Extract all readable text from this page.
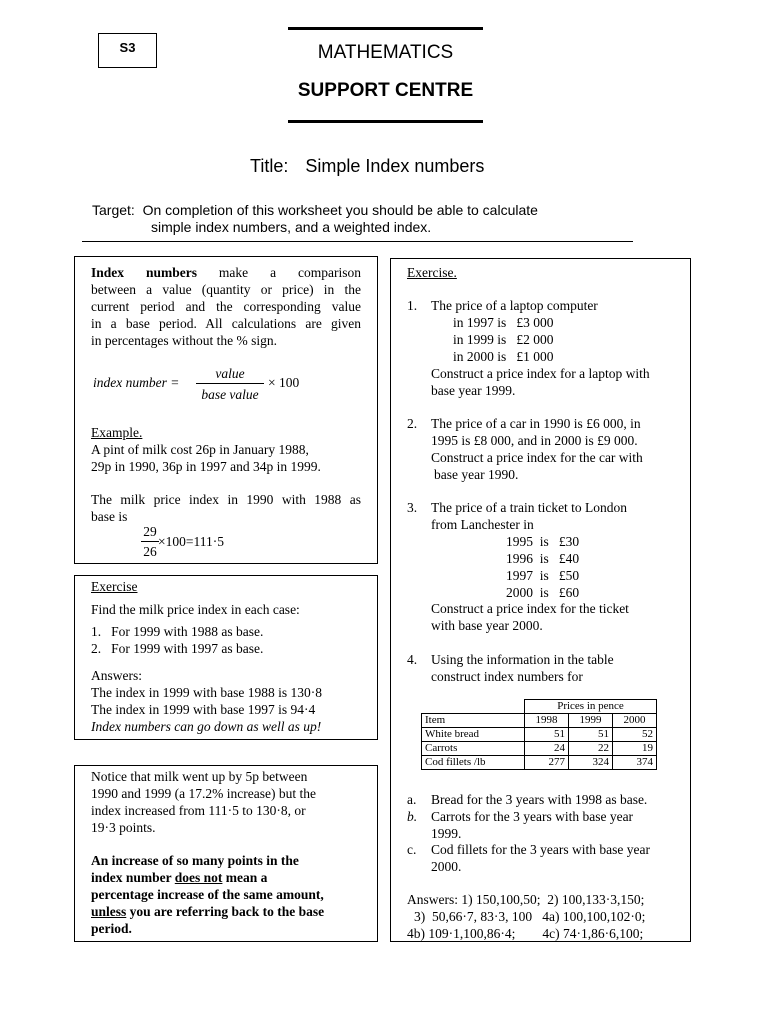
S3	MATHEMATICS
SUPPORT CENTRE
Title: Simple Index numbers
Target: On completion of this worksheet you should be able to calculate
simple index numbers, and a weighted index.
Index numbers make a comparison
between a value (quantity or price) in the
current period and the corresponding value
in a base period. All calculations are given
in percentages without the % sign.
index number =
value
base value
× 100
Example.
A pint of milk cost 26p in January 1988,
29p in 1990, 36p in 1997 and 34p in 1999.
The milk price index in 1990 with 1988 as
base is
29
26
×100=111·5
Exercise
Find the milk price index in each case:
1. For 1999 with 1988 as base.
2. For 1999 with 1997 as base.
Answers:
The index in 1999 with base 1988 is 130·8
The index in 1999 with base 1997 is 94·4
Index numbers can go down as well as up!
Notice that milk went up by 5p between
1990 and 1999 (a 17.2% increase) but the
index increased from 111·5 to 130·8, or
19·3 points.
An increase of so many points in the
index number does not mean a
percentage increase of the same amount,
unless you are referring back to the base
period.
Exercise.
1. The price of a laptop computer
in 1997 is   £3 000
in 1999 is   £2 000
in 2000 is   £1 000
Construct a price index for a laptop with
base year 1999.
2. The price of a car in 1990 is £6 000, in
1995 is £8 000, and in 2000 is £9 000.
Construct a price index for the car with
base year 1990.
3. The price of a train ticket to London
from Lanchester in
1995  is   £30
1996  is   £40
1997  is   £50
2000  is   £60
Construct a price index for the ticket
with base year 2000.
4. Using the information in the table
construct index numbers for
	Prices in pence		
Item	1998	1999	2000
White bread	51	51	52
Carrots	24	22	19
Cod fillets /lb	277	324	374
a. Bread for the 3 years with 1998 as base.
b. Carrots for the 3 years with base year
1999.
c. Cod fillets for the 3 years with base year
2000.
Answers: 1) 150,100,50;  2) 100,133·3,150;
3)  50,66·7, 83·3, 100   4a) 100,100,102·0;
4b) 109·1,100,86·4;        4c) 74·1,86·6,100;
